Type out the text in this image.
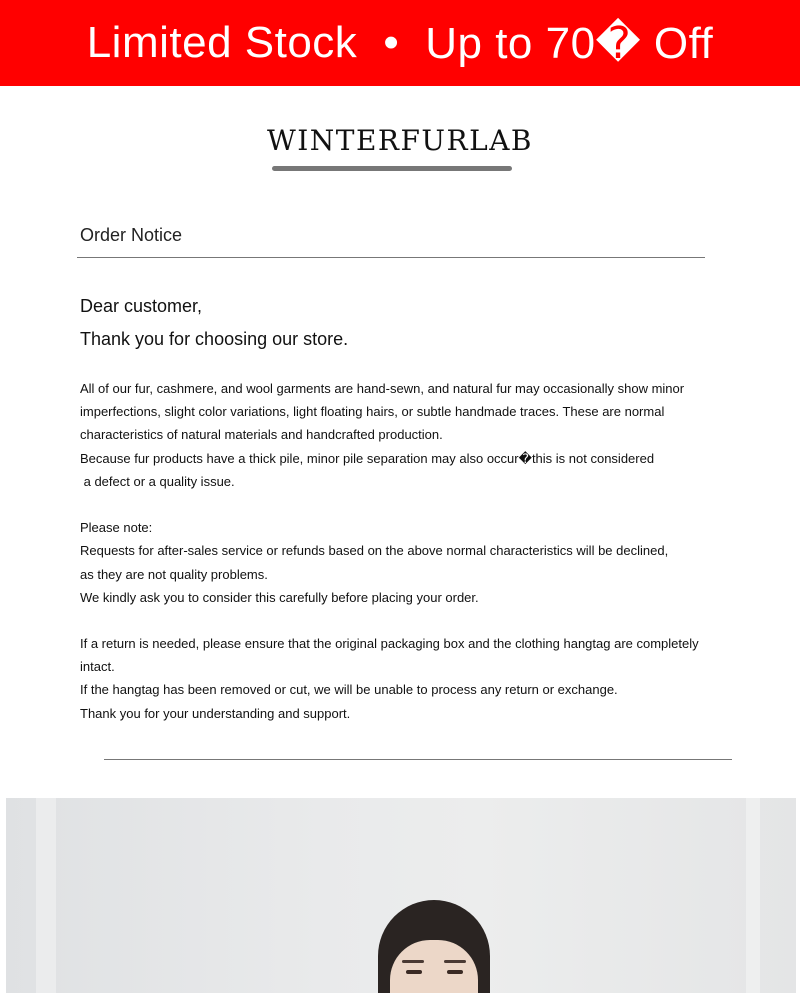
Limited Stock • Up to 70� Off
WINTERFURLAB
Order Notice
Dear customer,
Thank you for choosing our store.
All of our fur, cashmere, and wool garments are hand-sewn, and natural fur may occasionally show minor
imperfections, slight color variations, light floating hairs, or subtle handmade traces. These are normal
characteristics of natural materials and handcrafted production.
Because fur products have a thick pile, minor pile separation may also occur�this is not considered
a defect or a quality issue.
Please note:
Requests for after-sales service or refunds based on the above normal characteristics will be declined,
as they are not quality problems.
We kindly ask you to consider this carefully before placing your order.
If a return is needed, please ensure that the original packaging box and the clothing hangtag are completely
intact.
If the hangtag has been removed or cut, we will be unable to process any return or exchange.
Thank you for your understanding and support.
